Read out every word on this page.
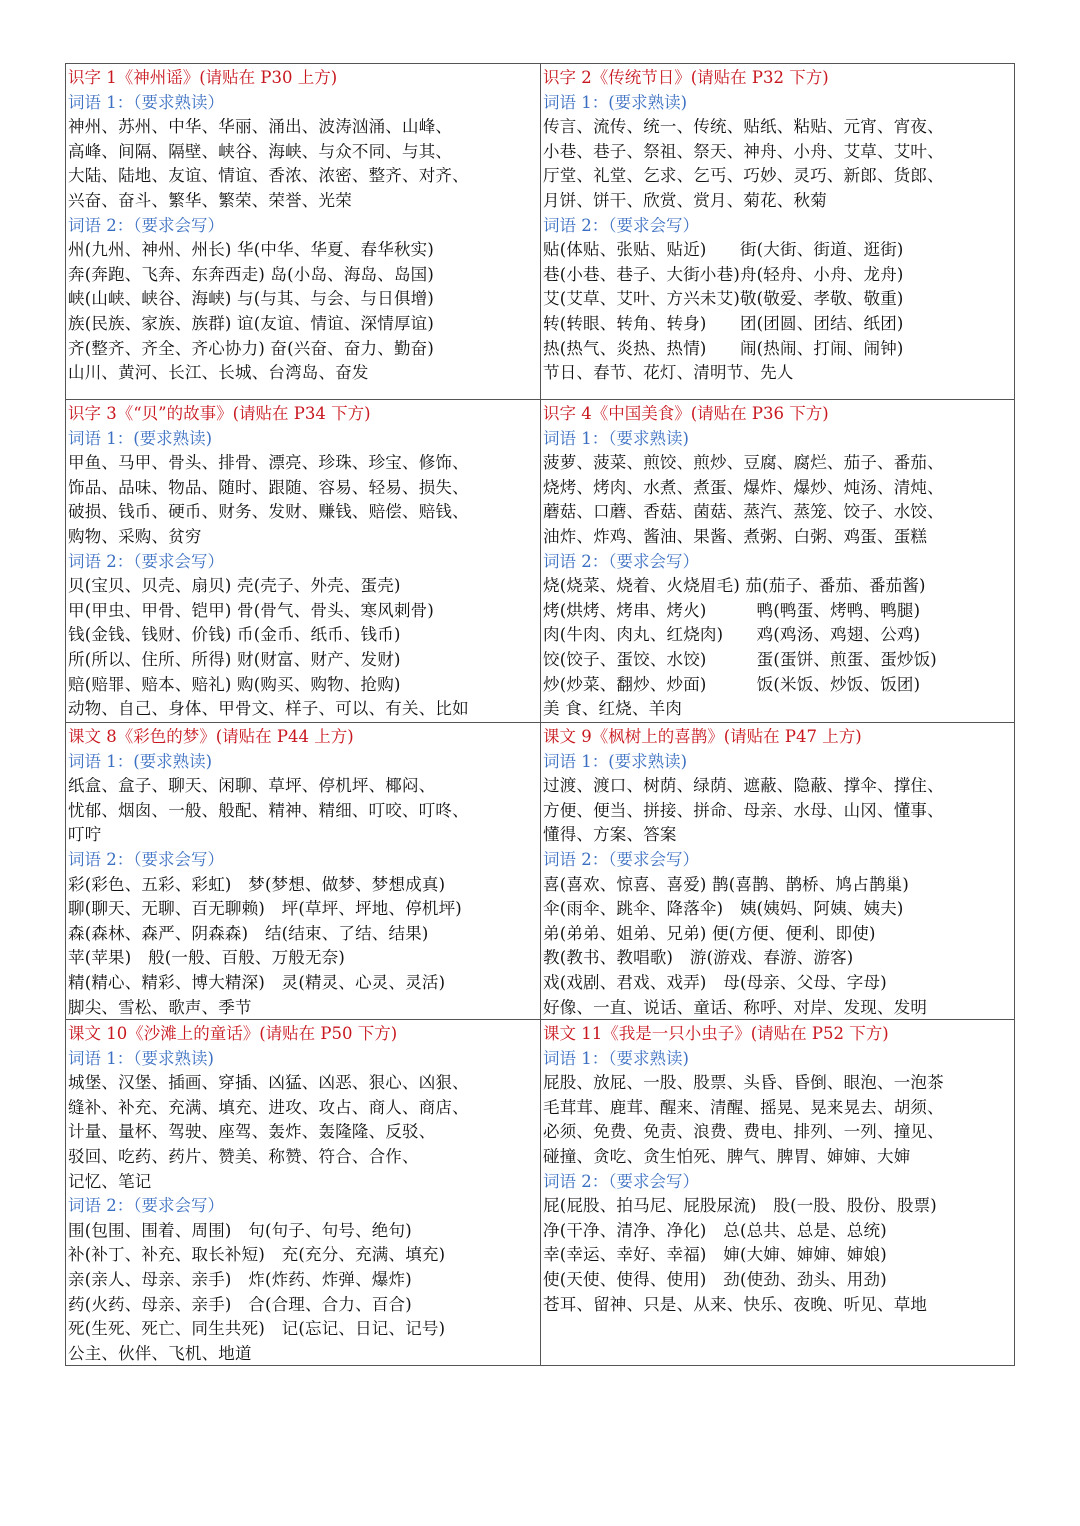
识字 1《神州谣》(请贴在 P30 上方)
词语 1：（要求熟读）
神州、苏州、中华、华丽、涌出、波涛汹涌、山峰、
高峰、间隔、隔壁、峡谷、海峡、与众不同、与其、
大陆、陆地、友谊、情谊、香浓、浓密、整齐、对齐、
兴奋、奋斗、繁华、繁荣、荣誉、光荣
词语 2：（要求会写）
州(九州、神州、州长) 华(中华、华夏、春华秋实)
奔(奔跑、飞奔、东奔西走) 岛(小岛、海岛、岛国)
峡(山峡、峡谷、海峡) 与(与其、与会、与日俱增)
族(民族、家族、族群) 谊(友谊、情谊、深情厚谊)
齐(整齐、齐全、齐心协力) 奋(兴奋、奋力、勤奋)
山川、黄河、长江、长城、台湾岛、奋发
识字 2《传统节日》(请贴在 P32 下方)
词语 1：(要求熟读)
传言、流传、统一、传统、贴纸、粘贴、元宵、宵夜、
小巷、巷子、祭祖、祭天、神舟、小舟、艾草、艾叶、
厅堂、礼堂、乞求、乞丐、巧妙、灵巧、新郎、货郎、
月饼、饼干、欣赏、赏月、菊花、秋菊
词语 2：（要求会写）
贴(体贴、张贴、贴近)　　街(大街、街道、逛街)
巷(小巷、巷子、大街小巷)舟(轻舟、小舟、龙舟)
艾(艾草、艾叶、方兴未艾)敬(敬爱、孝敬、敬重)
转(转眼、转角、转身)　　团(团圆、团结、纸团)
热(热气、炎热、热情)　　闹(热闹、打闹、闹钟)
节日、春节、花灯、清明节、先人
识字 3《“贝”的故事》(请贴在 P34 下方)
词语 1：(要求熟读)
甲鱼、马甲、骨头、排骨、漂亮、珍珠、珍宝、修饰、
饰品、品味、物品、随时、跟随、容易、轻易、损失、
破损、钱币、硬币、财务、发财、赚钱、赔偿、赔钱、
购物、采购、贫穷
词语 2：（要求会写）
贝(宝贝、贝壳、扇贝) 壳(壳子、外壳、蛋壳)
甲(甲虫、甲骨、铠甲) 骨(骨气、骨头、寒风刺骨)
钱(金钱、钱财、价钱) 币(金币、纸币、钱币)
所(所以、住所、所得) 财(财富、财产、发财)
赔(赔罪、赔本、赔礼) 购(购买、购物、抢购)
动物、自己、身体、甲骨文、样子、可以、有关、比如
识字 4《中国美食》(请贴在 P36 下方)
词语 1：（要求熟读)
菠萝、菠菜、煎饺、煎炒、豆腐、腐烂、茄子、番茄、
烧烤、烤肉、水煮、煮蛋、爆炸、爆炒、炖汤、清炖、
蘑菇、口蘑、香菇、菌菇、蒸汽、蒸笼、饺子、水饺、
油炸、炸鸡、酱油、果酱、煮粥、白粥、鸡蛋、蛋糕
词语 2：（要求会写）
烧(烧菜、烧着、火烧眉毛) 茄(茄子、番茄、番茄酱)
烤(烘烤、烤串、烤火)　　　鸭(鸭蛋、烤鸭、鸭腿)
肉(牛肉、肉丸、红烧肉)　　鸡(鸡汤、鸡翅、公鸡)
饺(饺子、蛋饺、水饺)　　　蛋(蛋饼、煎蛋、蛋炒饭)
炒(炒菜、翻炒、炒面)　　　饭(米饭、炒饭、饭团)
美 食、红烧、羊肉
课文 8《彩色的梦》(请贴在 P44 上方)
词语 1：(要求熟读)
纸盒、盒子、聊天、闲聊、草坪、停机坪、椰闷、
忧郁、烟囱、一般、般配、精神、精细、叮咬、叮咚、
叮咛
词语 2：（要求会写）
彩(彩色、五彩、彩虹)　梦(梦想、做梦、梦想成真)
聊(聊天、无聊、百无聊赖)　坪(草坪、坪地、停机坪)
森(森林、森严、阴森森)　结(结束、了结、结果)
苹(苹果)　般(一般、百般、万般无奈)
精(精心、精彩、博大精深)　灵(精灵、心灵、灵活)
脚尖、雪松、歌声、季节
课文 9《枫树上的喜鹊》(请贴在 P47 上方)
词语 1：(要求熟读)
过渡、渡口、树荫、绿荫、遮蔽、隐蔽、撑伞、撑住、
方便、便当、拼接、拼命、母亲、水母、山冈、懂事、
懂得、方案、答案
词语 2：（要求会写）
喜(喜欢、惊喜、喜爱) 鹊(喜鹊、鹊桥、鸠占鹊巢)
伞(雨伞、跳伞、降落伞)　姨(姨妈、阿姨、姨夫)
弟(弟弟、姐弟、兄弟) 便(方便、便利、即使)
教(教书、教唱歌)　游(游戏、春游、游客)
戏(戏剧、君戏、戏弄)　母(母亲、父母、字母)
好像、一直、说话、童话、称呼、对岸、发现、发明
课文 10《沙滩上的童话》(请贴在 P50 下方)
词语 1：（要求熟读)
城堡、汉堡、插画、穿插、凶猛、凶恶、狠心、凶狠、
缝补、补充、充满、填充、进攻、攻占、商人、商店、
计量、量杯、驾驶、座驾、轰炸、轰隆隆、反驳、
驳回、吃药、药片、赞美、称赞、符合、合作、
记忆、笔记
词语 2：（要求会写）
围(包围、围着、周围)　句(句子、句号、绝句)
补(补丁、补充、取长补短)　充(充分、充满、填充)
亲(亲人、母亲、亲手)　炸(炸药、炸弹、爆炸)
药(火药、母亲、亲手)　合(合理、合力、百合)
死(生死、死亡、同生共死)　记(忘记、日记、记号)
公主、伙伴、飞机、地道
课文 11《我是一只小虫子》(请贴在 P52 下方)
词语 1：（要求熟读)
屁股、放屁、一股、股票、头昏、昏倒、眼泡、一泡茶
毛茸茸、鹿茸、醒来、清醒、摇晃、晃来晃去、胡须、
必须、免费、免责、浪费、费电、排列、一列、撞见、
碰撞、贪吃、贪生怕死、脾气、脾胃、婶婶、大婶
词语 2：（要求会写）
屁(屁股、拍马尼、屁股尿流)　股(一股、股份、股票)
净(干净、清净、净化)　总(总共、总是、总统)
幸(幸运、幸好、幸福)　婶(大婶、婶婶、婶娘)
使(天使、使得、使用)　劲(使劲、劲头、用劲)
苍耳、留神、只是、从来、快乐、夜晚、听见、草地
